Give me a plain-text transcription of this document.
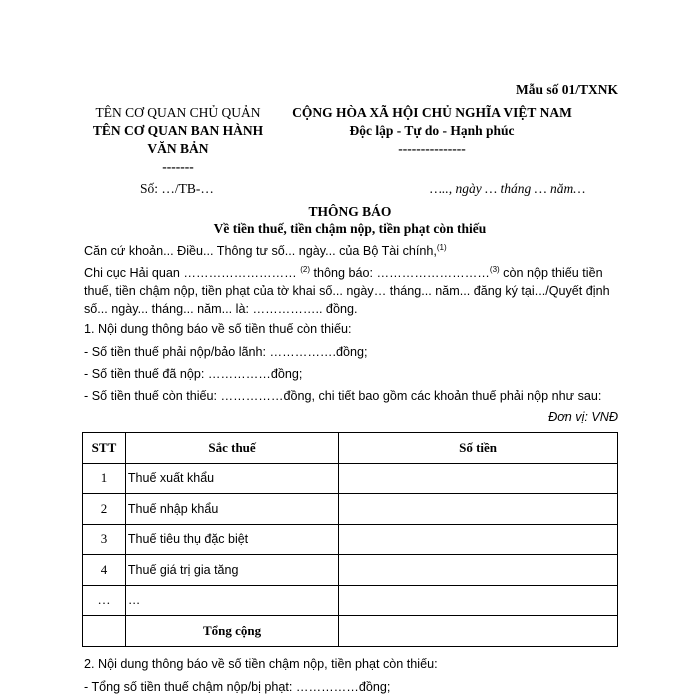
Mẫu số 01/TXNK
TÊN CƠ QUAN CHỦ QUẢN
TÊN CƠ QUAN BAN HÀNH
VĂN BẢN
-------
CỘNG HÒA XÃ HỘI CHỦ NGHĨA VIỆT NAM
Độc lập - Tự do - Hạnh phúc
---------------
Số: …/TB-…	….., ngày … tháng … năm…
THÔNG BÁO
Về tiền thuế, tiền chậm nộp, tiền phạt còn thiếu
Căn cứ khoản... Điều... Thông tư số... ngày... của Bộ Tài chính,$^{(1)}$
Chi cục Hải quan ……………………… $^{(2)}$ thông báo: ………………………$^{(3)}$ còn nộp thiếu tiền thuế, tiền chậm nộp, tiền phạt của tờ khai số... ngày… tháng... năm... đăng ký tại.../Quyết định số... ngày... tháng... năm... là: …………….. đồng.
1. Nội dung thông báo về số tiền thuế còn thiếu:
- Số tiền thuế phải nộp/bảo lãnh: …………….đồng;
- Số tiền thuế đã nộp: ……………đồng;
- Số tiền thuế còn thiếu: ……………đồng, chi tiết bao gồm các khoản thuế phải nộp như sau:
Đơn vị: VNĐ
STT	Sắc thuế	Số tiền
1	Thuế xuất khẩu	
2	Thuế nhập khẩu	
3	Thuế tiêu thụ đặc biệt	
4	Thuế giá trị gia tăng	
…	…	
	Tổng cộng	
2. Nội dung thông báo về số tiền chậm nộp, tiền phạt còn thiếu:
- Tổng số tiền thuế chậm nộp/bị phạt: ……………đồng;
